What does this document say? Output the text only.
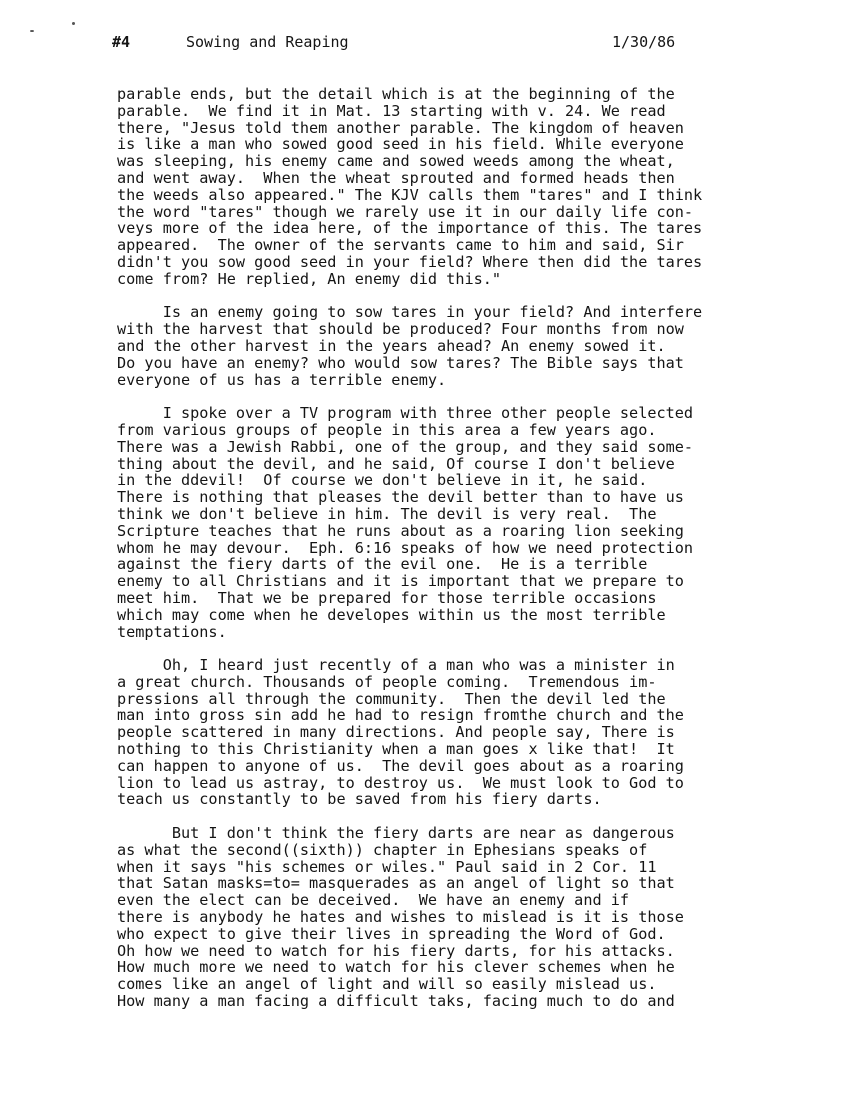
#4	Sowing and Reaping	1/30/86
parable ends, but the detail which is at the beginning of the
parable.  We find it in Mat. 13 starting with v. 24. We read
there, "Jesus told them another parable. The kingdom of heaven
is like a man who sowed good seed in his field. While everyone
was sleeping, his enemy came and sowed weeds among the wheat,
and went away.  When the wheat sprouted and formed heads then
the weeds also appeared." The KJV calls them "tares" and I think
the word "tares" though we rarely use it in our daily life con-
veys more of the idea here, of the importance of this. The tares
appeared.  The owner of the servants came to him and said, Sir
didn't you sow good seed in your field? Where then did the tares
come from? He replied, An enemy did this."
Is an enemy going to sow tares in your field? And interfere
with the harvest that should be produced? Four months from now
and the other harvest in the years ahead? An enemy sowed it.
Do you have an enemy? who would sow tares? The Bible says that
everyone of us has a terrible enemy.
I spoke over a TV program with three other people selected
from various groups of people in this area a few years ago.
There was a Jewish Rabbi, one of the group, and they said some-
thing about the devil, and he said, Of course I don't believe
in the ddevil!  Of course we don't believe in it, he said.
There is nothing that pleases the devil better than to have us
think we don't believe in him. The devil is very real.  The
Scripture teaches that he runs about as a roaring lion seeking
whom he may devour.  Eph. 6:16 speaks of how we need protection
against the fiery darts of the evil one.  He is a terrible
enemy to all Christians and it is important that we prepare to
meet him.  That we be prepared for those terrible occasions
which may come when he developes within us the most terrible
temptations.
Oh, I heard just recently of a man who was a minister in
a great church. Thousands of people coming.  Tremendous im-
pressions all through the community.  Then the devil led the
man into gross sin add he had to resign fromthe church and the
people scattered in many directions. And people say, There is
nothing to this Christianity when a man goes x like that!  It
can happen to anyone of us.  The devil goes about as a roaring
lion to lead us astray, to destroy us.  We must look to God to
teach us constantly to be saved from his fiery darts.
But I don't think the fiery darts are near as dangerous
as what the second((sixth)) chapter in Ephesians speaks of
when it says "his schemes or wiles." Paul said in 2 Cor. 11
that Satan masks=to= masquerades as an angel of light so that
even the elect can be deceived.  We have an enemy and if
there is anybody he hates and wishes to mislead is it is those
who expect to give their lives in spreading the Word of God.
Oh how we need to watch for his fiery darts, for his attacks.
How much more we need to watch for his clever schemes when he
comes like an angel of light and will so easily mislead us.
How many a man facing a difficult taks, facing much to do and
